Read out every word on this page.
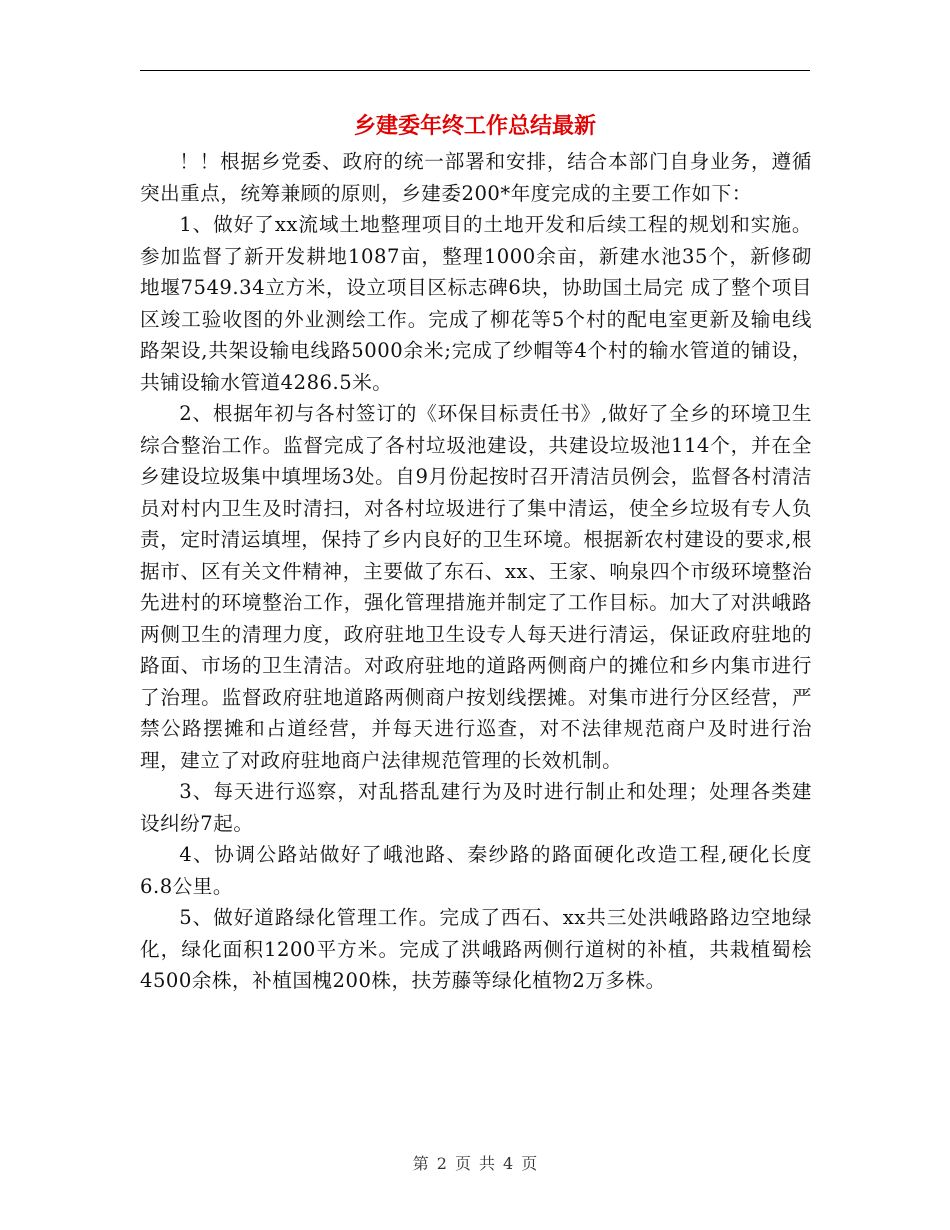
乡建委年终工作总结最新

！！根据乡党委、政府的统一部署和安排，结合本部门自身业务，遵循突出重点，统筹兼顾的原则，乡建委200*年度完成的主要工作如下：

1、做好了xx流域土地整理项目的土地开发和后续工程的规划和实施。参加监督了新开发耕地1087亩，整理1000余亩，新建水池35个，新修砌地堰7549.34立方米，设立项目区标志碑6块，协助国土局完 成了整个项目区竣工验收图的外业测绘工作。完成了柳花等5个村的配电室更新及输电线路架设,共架设输电线路5000余米;完成了纱帽等4个村的输水管道的铺设，共铺设输水管道4286.5米。

2、根据年初与各村签订的《环保目标责任书》,做好了全乡的环境卫生综合整治工作。监督完成了各村垃圾池建设，共建设垃圾池114个，并在全乡建设垃圾集中填埋场3处。自9月份起按时召开清洁员例会，监督各村清洁员对村内卫生及时清扫，对各村垃圾进行了集中清运，使全乡垃圾有专人负责，定时清运填埋，保持了乡内良好的卫生环境。根据新农村建设的要求,根据市、区有关文件精神，主要做了东石、xx、王家、响泉四个市级环境整治先进村的环境整治工作，强化管理措施并制定了工作目标。加大了对洪峨路两侧卫生的清理力度，政府驻地卫生设专人每天进行清运，保证政府驻地的路面、市场的卫生清洁。对政府驻地的道路两侧商户的摊位和乡内集市进行了治理。监督政府驻地道路两侧商户按划线摆摊。对集市进行分区经营，严禁公路摆摊和占道经营，并每天进行巡查，对不法律规范商户及时进行治理，建立了对政府驻地商户法律规范管理的长效机制。

3、每天进行巡察，对乱搭乱建行为及时进行制止和处理；处理各类建设纠纷7起。

4、协调公路站做好了峨池路、秦纱路的路面硬化改造工程,硬化长度6.8公里。

5、做好道路绿化管理工作。完成了西石、xx共三处洪峨路路边空地绿化，绿化面积1200平方米。完成了洪峨路两侧行道树的补植，共栽植蜀桧4500余株，补植国槐200株，扶芳藤等绿化植物2万多株。

第 2 页 共 4 页
